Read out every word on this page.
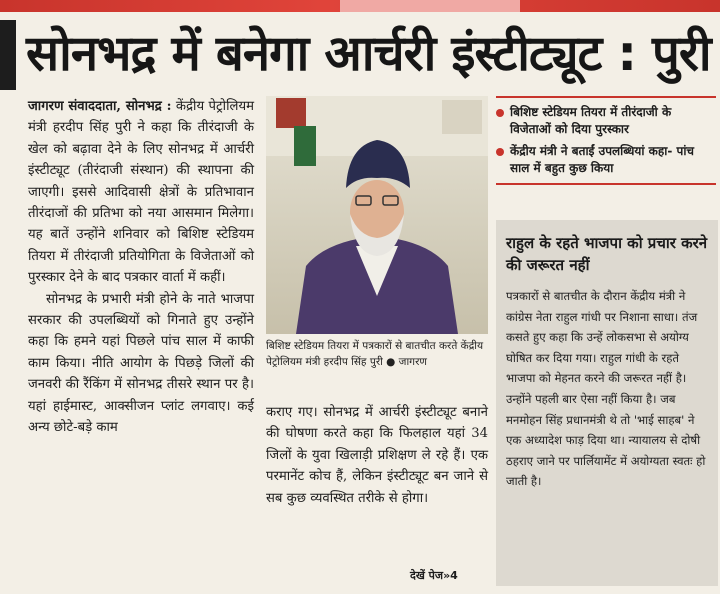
सोनभद्र में बनेगा आर्चरी इंस्टीट्यूट : पुरी

जागरण संवाददाता, सोनभद्र : केंद्रीय पेट्रोलियम मंत्री हरदीप सिंह पुरी ने कहा कि तीरंदाजी के खेल को बढ़ावा देने के लिए सोनभद्र में आर्चरी इंस्टीट्यूट (तीरंदाजी संस्थान) की स्थापना की जाएगी। इससे आदिवासी क्षेत्रों के प्रतिभावान तीरंदाजों की प्रतिभा को नया आसमान मिलेगा। यह बातें उन्होंने शनिवार को बिशिष्ट स्टेडियम तियरा में तीरंदाजी प्रतियोगिता के विजेताओं को पुरस्कार देने के बाद पत्रकार वार्ता में कहीं।

सोनभद्र के प्रभारी मंत्री होने के नाते भाजपा सरकार की उपलब्धियों को गिनाते हुए उन्होंने कहा कि हमने यहां पिछले पांच साल में काफी काम किया। नीति आयोग के पिछड़े जिलों की जनवरी की रैंकिंग में सोनभद्र तीसरे स्थान पर है। यहां हाईमास्ट, आक्सीजन प्लांट लगवाए। कई अन्य छोटे-बड़े काम

बिशिष्ट स्टेडियम तियरा में पत्रकारों से बातचीत करते केंद्रीय पेट्रोलियम मंत्री हरदीप सिंह पुरी ● जागरण
कराए गए। सोनभद्र में आर्चरी इंस्टीट्यूट बनाने की घोषणा करते कहा कि फिलहाल यहां 34 जिलों के युवा खिलाड़ी प्रशिक्षण ले रहे हैं। एक परमानेंट कोच हैं, लेकिन इंस्टीट्यूट बन जाने से सब कुछ व्यवस्थित तरीके से होगा।
देखें पेज»4
बिशिष्ट स्टेडियम तियरा में तीरंदाजी के विजेताओं को दिया पुरस्कार
केंद्रीय मंत्री ने बताईं उपलब्धियां कहा- पांच साल में बहुत कुछ किया
राहुल के रहते भाजपा को प्रचार करने की जरूरत नहीं
पत्रकारों से बातचीत के दौरान केंद्रीय मंत्री ने कांग्रेस नेता राहुल गांधी पर निशाना साधा। तंज कसते हुए कहा कि उन्हें लोकसभा से अयोग्य घोषित कर दिया गया। राहुल गांधी के रहते भाजपा को मेहनत करने की जरूरत नहीं है। उन्होंने पहली बार ऐसा नहीं किया है। जब मनमोहन सिंह प्रधानमंत्री थे तो 'भाई साहब' ने एक अध्यादेश फाड़ दिया था। न्यायालय से दोषी ठहराए जाने पर पार्लियामेंट में अयोग्यता स्वतः हो जाती है।
